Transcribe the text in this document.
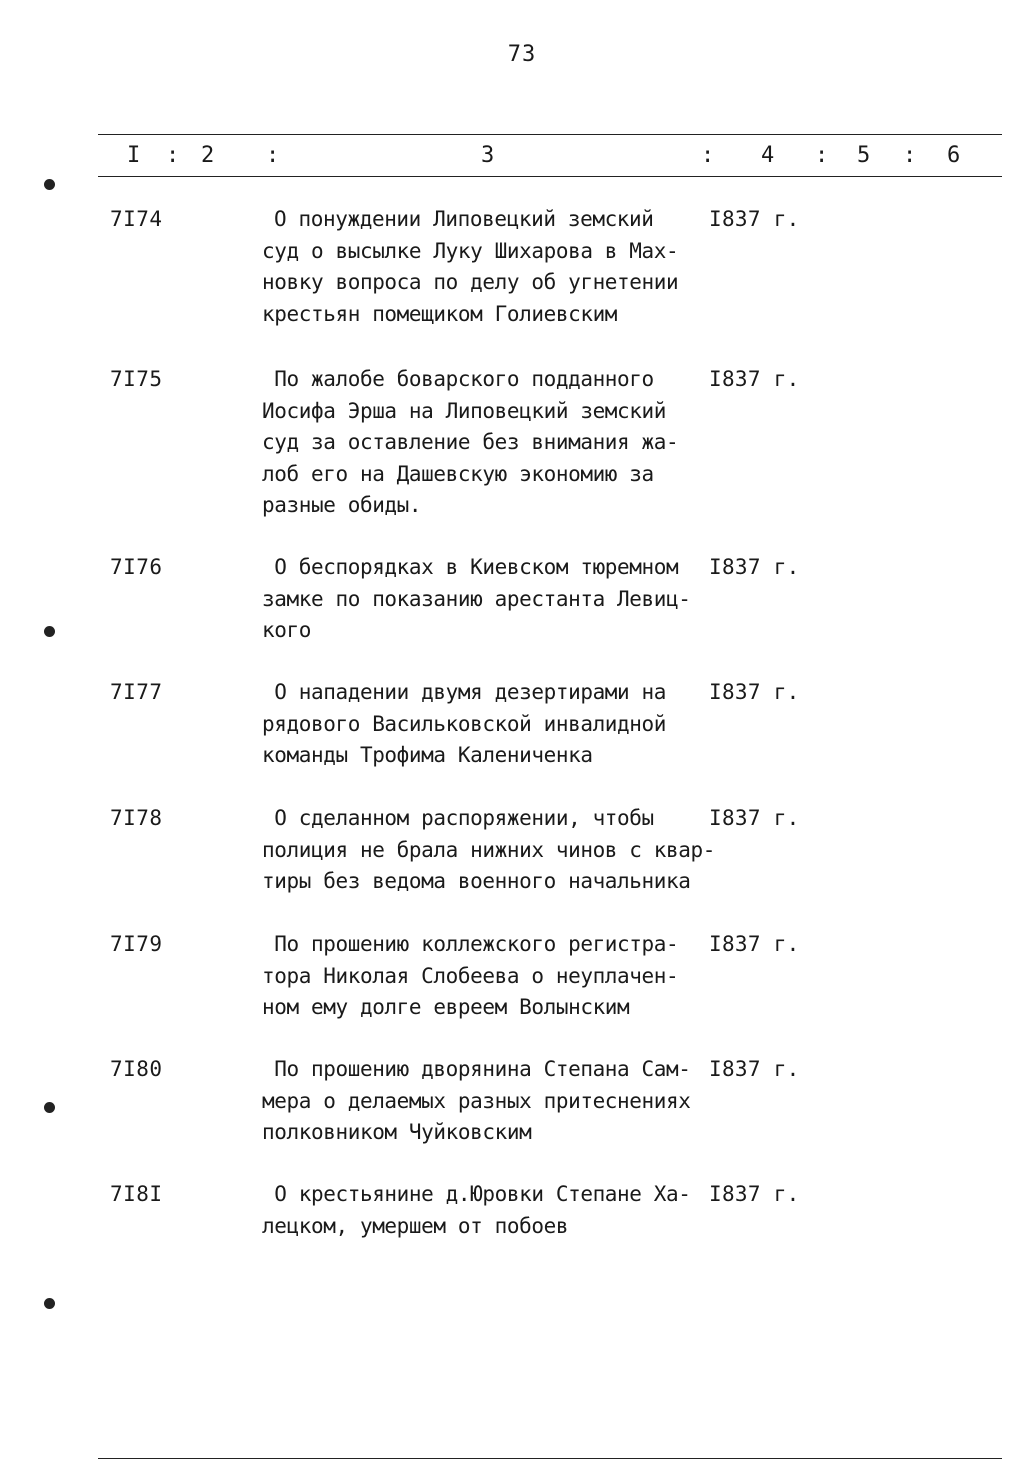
73
I : 2 :	3	: 4 : 5 : 6
7I74	О понуждении Липовецкий земский
суд о высылке Луку Шихарова в Мах-
новку вопроса по делу об угнетении
крестьян помещиком Голиевским
I837 г.
7I75	По жалобе боварского подданного
Иосифа Эрша на Липовецкий земский
суд за оставление без внимания жа-
лоб его на Дашевскую экономию за
разные обиды.
I837 г.
7I76	О беспорядках в Киевском тюремном
замке по показанию арестанта Левиц-
кого
I837 г.
7I77	О нападении двумя дезертирами на
рядового Васильковской инвалидной
команды Трофима Калениченка
I837 г.
7I78	О сделанном распоряжении, чтобы
полиция не брала нижних чинов с квар-
тиры без ведома военного начальника
I837 г.
7I79	По прошению коллежского регистра-
тора Николая Слобеева о неуплачен-
ном ему долге евреем Волынским
I837 г.
7I80	По прошению дворянина Степана Сам-
мера о делаемых разных притеснениях
полковником Чуйковским
I837 г.
7I8I	О крестьянине д.Юровки Степане Ха-
лецком, умершем от побоев
I837 г.
